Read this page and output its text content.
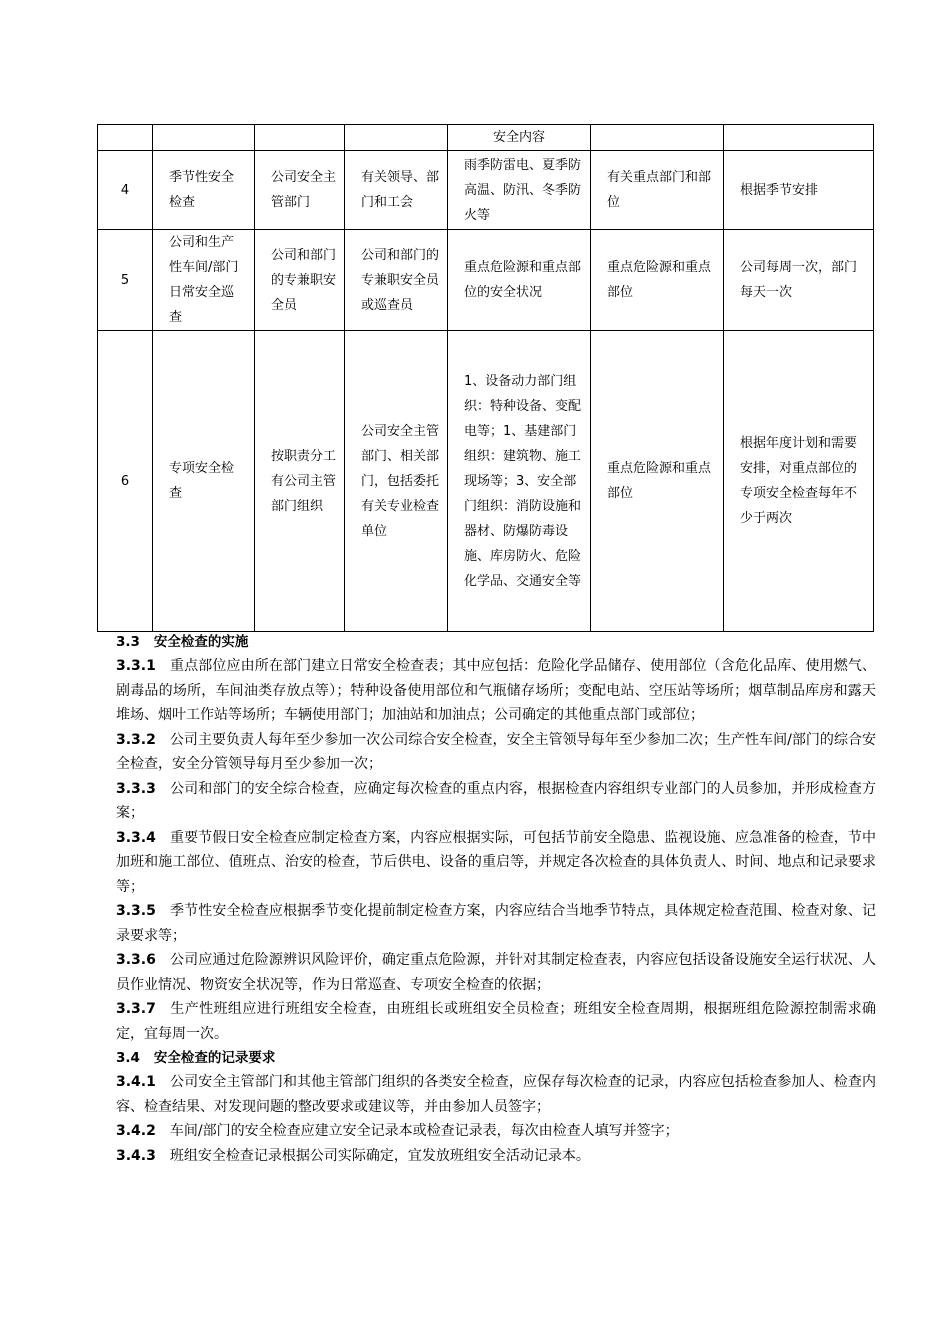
				安全内容		
4	季节性安全检查	公司安全主管部门	有关领导、部门和工会	雨季防雷电、夏季防高温、防汛、冬季防火等	有关重点部门和部位	根据季节安排
5	公司和生产性车间/部门日常安全巡查	公司和部门的专兼职安全员	公司和部门的专兼职安全员或巡查员	重点危险源和重点部位的安全状况	重点危险源和重点部位	公司每周一次，部门每天一次
6	专项安全检查	按职责分工有公司主管部门组织	公司安全主管部门、相关部门，包括委托有关专业检查单位	1、设备动力部门组织：特种设备、变配电等；1、基建部门组织：建筑物、施工现场等；3、安全部门组织：消防设施和器材、防爆防毒设施、库房防火、危险化学品、交通安全等	重点危险源和重点部位	根据年度计划和需要安排，对重点部位的专项安全检查每年不少于两次

3.3 安全检查的实施

3.3.1 重点部位应由所在部门建立日常安全检查表；其中应包括：危险化学品储存、使用部位（含危化品库、使用燃气、剧毒品的场所，车间油类存放点等）；特种设备使用部位和气瓶储存场所；变配电站、空压站等场所；烟草制品库房和露天堆场、烟叶工作站等场所；车辆使用部门；加油站和加油点；公司确定的其他重点部门或部位；

3.3.2 公司主要负责人每年至少参加一次公司综合安全检查，安全主管领导每年至少参加二次；生产性车间/部门的综合安全检查，安全分管领导每月至少参加一次；

3.3.3 公司和部门的安全综合检查，应确定每次检查的重点内容，根据检查内容组织专业部门的人员参加，并形成检查方案；

3.3.4 重要节假日安全检查应制定检查方案，内容应根据实际，可包括节前安全隐患、监视设施、应急准备的检查，节中加班和施工部位、值班点、治安的检查，节后供电、设备的重启等，并规定各次检查的具体负责人、时间、地点和记录要求等；

3.3.5 季节性安全检查应根据季节变化提前制定检查方案，内容应结合当地季节特点，具体规定检查范围、检查对象、记录要求等；

3.3.6 公司应通过危险源辨识风险评价，确定重点危险源，并针对其制定检查表，内容应包括设备设施安全运行状况、人员作业情况、物资安全状况等，作为日常巡查、专项安全检查的依据；

3.3.7 生产性班组应进行班组安全检查，由班组长或班组安全员检查；班组安全检查周期，根据班组危险源控制需求确定，宜每周一次。

3.4 安全检查的记录要求

3.4.1 公司安全主管部门和其他主管部门组织的各类安全检查，应保存每次检查的记录，内容应包括检查参加人、检查内容、检查结果、对发现问题的整改要求或建议等，并由参加人员签字；

3.4.2 车间/部门的安全检查应建立安全记录本或检查记录表，每次由检查人填写并签字；

3.4.3 班组安全检查记录根据公司实际确定，宜发放班组安全活动记录本。
